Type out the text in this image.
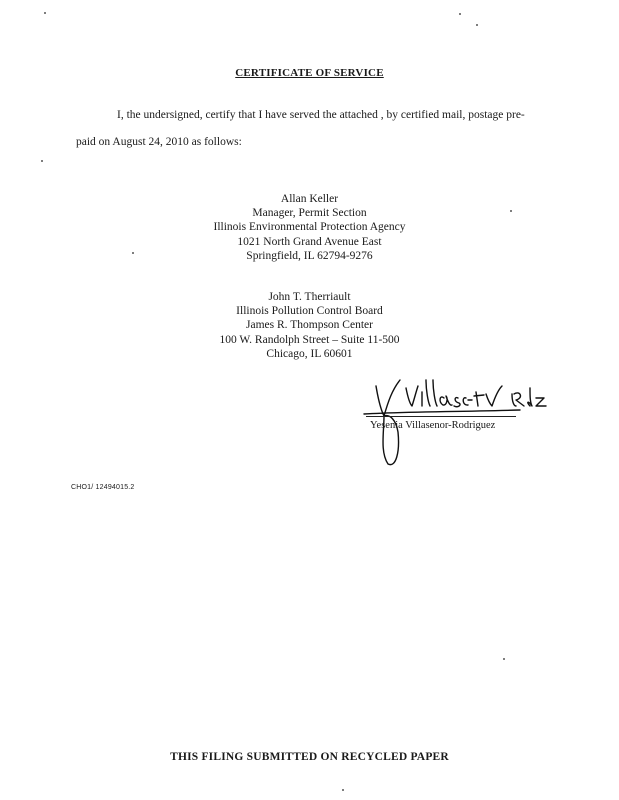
CERTIFICATE OF SERVICE
I, the undersigned, certify that I have served the attached , by certified mail, postage pre-
paid on August 24, 2010 as follows:
Allan Keller
Manager, Permit Section
Illinois Environmental Protection Agency
1021 North Grand Avenue East
Springfield, IL 62794-9276
John T. Therriault
Illinois Pollution Control Board
James R. Thompson Center
100 W. Randolph Street – Suite 11-500
Chicago, IL 60601
Yesenia Villasenor-Rodriguez
CHO1/ 12494015.2
THIS FILING SUBMITTED ON RECYCLED PAPER
